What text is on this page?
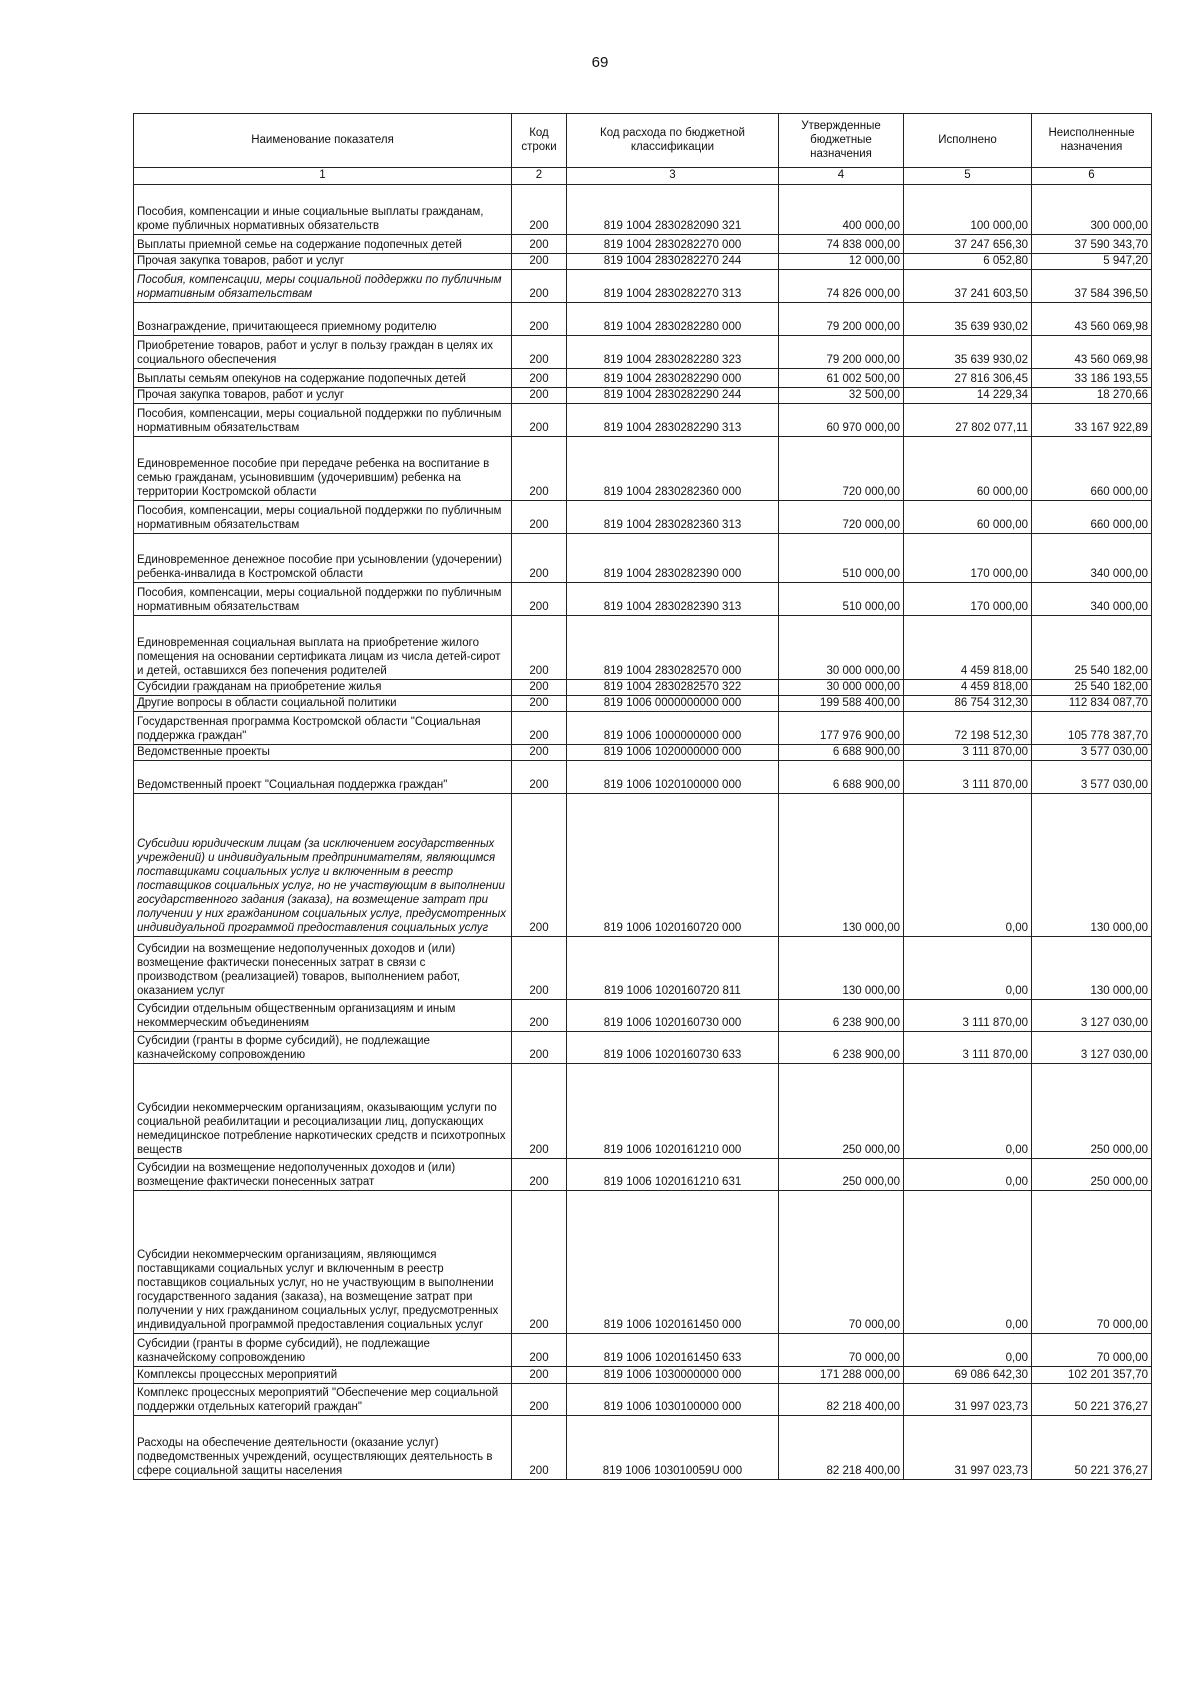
69
Наименование показателя	Код строки	Код расхода по бюджетной классификации	Утвержденные бюджетные назначения	Исполнено	Неисполненные назначения
1	2	3	4	5	6
Пособия, компенсации и иные социальные выплаты гражданам, кроме публичных нормативных обязательств	200	819 1004 2830282090 321	400 000,00	100 000,00	300 000,00
Выплаты приемной семье на содержание подопечных детей	200	819 1004 2830282270 000	74 838 000,00	37 247 656,30	37 590 343,70
Прочая закупка товаров, работ и услуг	200	819 1004 2830282270 244	12 000,00	6 052,80	5 947,20
Пособия, компенсации, меры социальной поддержки по публичным нормативным обязательствам	200	819 1004 2830282270 313	74 826 000,00	37 241 603,50	37 584 396,50
Вознаграждение, причитающееся приемному родителю	200	819 1004 2830282280 000	79 200 000,00	35 639 930,02	43 560 069,98
Приобретение товаров, работ и услуг в пользу граждан в целях их социального обеспечения	200	819 1004 2830282280 323	79 200 000,00	35 639 930,02	43 560 069,98
Выплаты семьям опекунов на содержание подопечных детей	200	819 1004 2830282290 000	61 002 500,00	27 816 306,45	33 186 193,55
Прочая закупка товаров, работ и услуг	200	819 1004 2830282290 244	32 500,00	14 229,34	18 270,66
Пособия, компенсации, меры социальной поддержки по публичным нормативным обязательствам	200	819 1004 2830282290 313	60 970 000,00	27 802 077,11	33 167 922,89
Единовременное пособие при передаче ребенка на воспитание в семью гражданам, усыновившим (удочерившим) ребенка на территории Костромской области	200	819 1004 2830282360 000	720 000,00	60 000,00	660 000,00
Пособия, компенсации, меры социальной поддержки по публичным нормативным обязательствам	200	819 1004 2830282360 313	720 000,00	60 000,00	660 000,00
Единовременное денежное пособие при усыновлении (удочерении) ребенка-инвалида в Костромской области	200	819 1004 2830282390 000	510 000,00	170 000,00	340 000,00
Пособия, компенсации, меры социальной поддержки по публичным нормативным обязательствам	200	819 1004 2830282390 313	510 000,00	170 000,00	340 000,00
Единовременная социальная выплата на приобретение жилого помещения на основании сертификата лицам из числа детей-сирот и детей, оставшихся без попечения родителей	200	819 1004 2830282570 000	30 000 000,00	4 459 818,00	25 540 182,00
Субсидии гражданам на приобретение жилья	200	819 1004 2830282570 322	30 000 000,00	4 459 818,00	25 540 182,00
Другие вопросы в области социальной политики	200	819 1006 0000000000 000	199 588 400,00	86 754 312,30	112 834 087,70
Государственная программа Костромской области "Социальная поддержка граждан"	200	819 1006 1000000000 000	177 976 900,00	72 198 512,30	105 778 387,70
Ведомственные проекты	200	819 1006 1020000000 000	6 688 900,00	3 111 870,00	3 577 030,00
Ведомственный проект "Социальная поддержка граждан"	200	819 1006 1020100000 000	6 688 900,00	3 111 870,00	3 577 030,00
Субсидии юридическим лицам (за исключением государственных учреждений) и индивидуальным предпринимателям, являющимся поставщиками социальных услуг и включенным в реестр поставщиков социальных услуг, но не участвующим в выполнении государственного задания (заказа), на возмещение затрат при получении у них гражданином социальных услуг, предусмотренных индивидуальной программой предоставления социальных услуг	200	819 1006 1020160720 000	130 000,00	0,00	130 000,00
Субсидии на возмещение недополученных доходов и (или) возмещение фактически понесенных затрат в связи с производством (реализацией) товаров, выполнением работ, оказанием услуг	200	819 1006 1020160720 811	130 000,00	0,00	130 000,00
Субсидии отдельным общественным организациям и иным некоммерческим объединениям	200	819 1006 1020160730 000	6 238 900,00	3 111 870,00	3 127 030,00
Субсидии (гранты в форме субсидий), не подлежащие казначейскому сопровождению	200	819 1006 1020160730 633	6 238 900,00	3 111 870,00	3 127 030,00
Субсидии некоммерческим организациям, оказывающим услуги по социальной реабилитации и ресоциализации лиц, допускающих немедицинское потребление наркотических средств и психотропных веществ	200	819 1006 1020161210 000	250 000,00	0,00	250 000,00
Субсидии на возмещение недополученных доходов и (или) возмещение фактически понесенных затрат	200	819 1006 1020161210 631	250 000,00	0,00	250 000,00
Субсидии некоммерческим организациям, являющимся поставщиками социальных услуг и включенным в реестр поставщиков социальных услуг, но не участвующим в выполнении государственного задания (заказа), на возмещение затрат при получении у них гражданином социальных услуг, предусмотренных индивидуальной программой предоставления социальных услуг	200	819 1006 1020161450 000	70 000,00	0,00	70 000,00
Субсидии (гранты в форме субсидий), не подлежащие казначейскому сопровождению	200	819 1006 1020161450 633	70 000,00	0,00	70 000,00
Комплексы процессных мероприятий	200	819 1006 1030000000 000	171 288 000,00	69 086 642,30	102 201 357,70
Комплекс процессных мероприятий "Обеспечение мер социальной поддержки отдельных категорий граждан"	200	819 1006 1030100000 000	82 218 400,00	31 997 023,73	50 221 376,27
Расходы на обеспечение деятельности (оказание услуг) подведомственных учреждений, осуществляющих деятельность в сфере социальной защиты населения	200	819 1006 103010059U 000	82 218 400,00	31 997 023,73	50 221 376,27
